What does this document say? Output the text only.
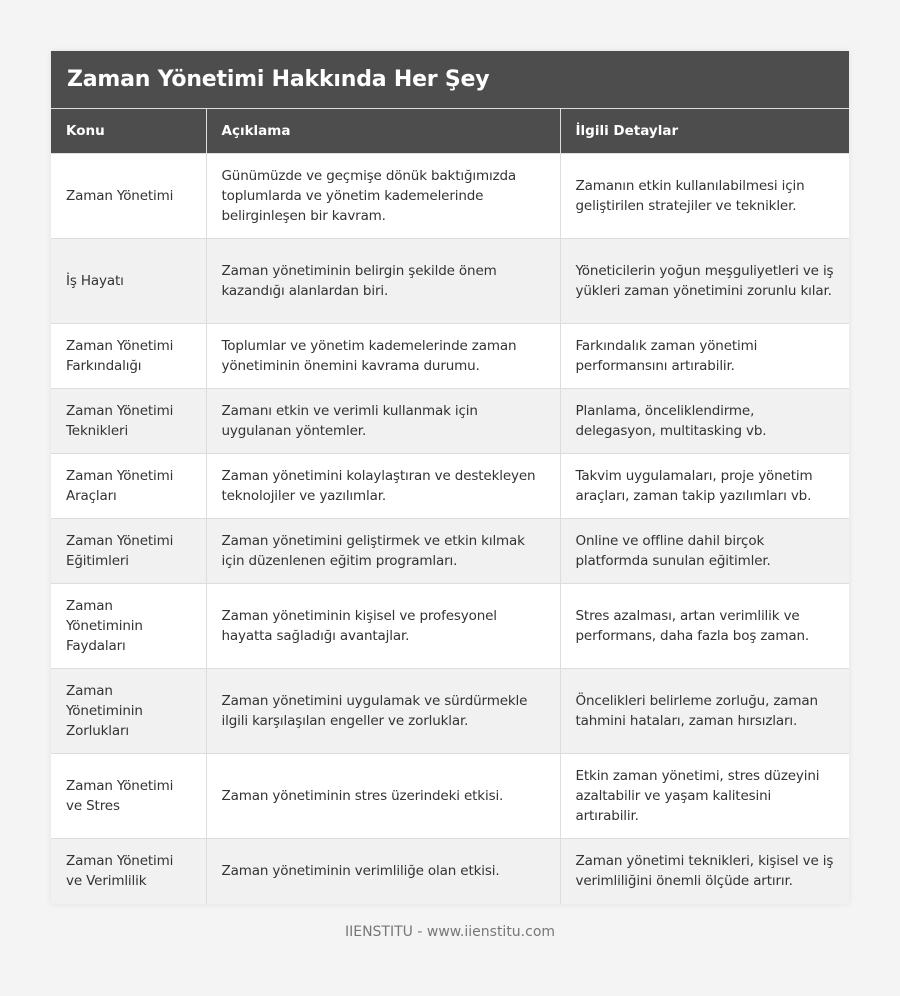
Zaman Yönetimi Hakkında Her Şey
Konu	Açıklama	İlgili Detaylar
Zaman Yönetimi	Günümüzde ve geçmişe dönük baktığımızda toplumlarda ve yönetim kademelerinde belirginleşen bir kavram.	Zamanın etkin kullanılabilmesi için geliştirilen stratejiler ve teknikler.
İş Hayatı	Zaman yönetiminin belirgin şekilde önem kazandığı alanlardan biri.	Yöneticilerin yoğun meşguliyetleri ve iş yükleri zaman yönetimini zorunlu kılar.
Zaman Yönetimi Farkındalığı	Toplumlar ve yönetim kademelerinde zaman yönetiminin önemini kavrama durumu.	Farkındalık zaman yönetimi performansını artırabilir.
Zaman Yönetimi Teknikleri	Zamanı etkin ve verimli kullanmak için uygulanan yöntemler.	Planlama, önceliklendirme, delegasyon, multitasking vb.
Zaman Yönetimi Araçları	Zaman yönetimini kolaylaştıran ve destekleyen teknolojiler ve yazılımlar.	Takvim uygulamaları, proje yönetim araçları, zaman takip yazılımları vb.
Zaman Yönetimi Eğitimleri	Zaman yönetimini geliştirmek ve etkin kılmak için düzenlenen eğitim programları.	Online ve offline dahil birçok platformda sunulan eğitimler.
Zaman Yönetiminin Faydaları	Zaman yönetiminin kişisel ve profesyonel hayatta sağladığı avantajlar.	Stres azalması, artan verimlilik ve performans, daha fazla boş zaman.
Zaman Yönetiminin Zorlukları	Zaman yönetimini uygulamak ve sürdürmekle ilgili karşılaşılan engeller ve zorluklar.	Öncelikleri belirleme zorluğu, zaman tahmini hataları, zaman hırsızları.
Zaman Yönetimi ve Stres	Zaman yönetiminin stres üzerindeki etkisi.	Etkin zaman yönetimi, stres düzeyini azaltabilir ve yaşam kalitesini artırabilir.
Zaman Yönetimi ve Verimlilik	Zaman yönetiminin verimliliğe olan etkisi.	Zaman yönetimi teknikleri, kişisel ve iş verimliliğini önemli ölçüde artırır.
IIENSTITU - www.iienstitu.com
